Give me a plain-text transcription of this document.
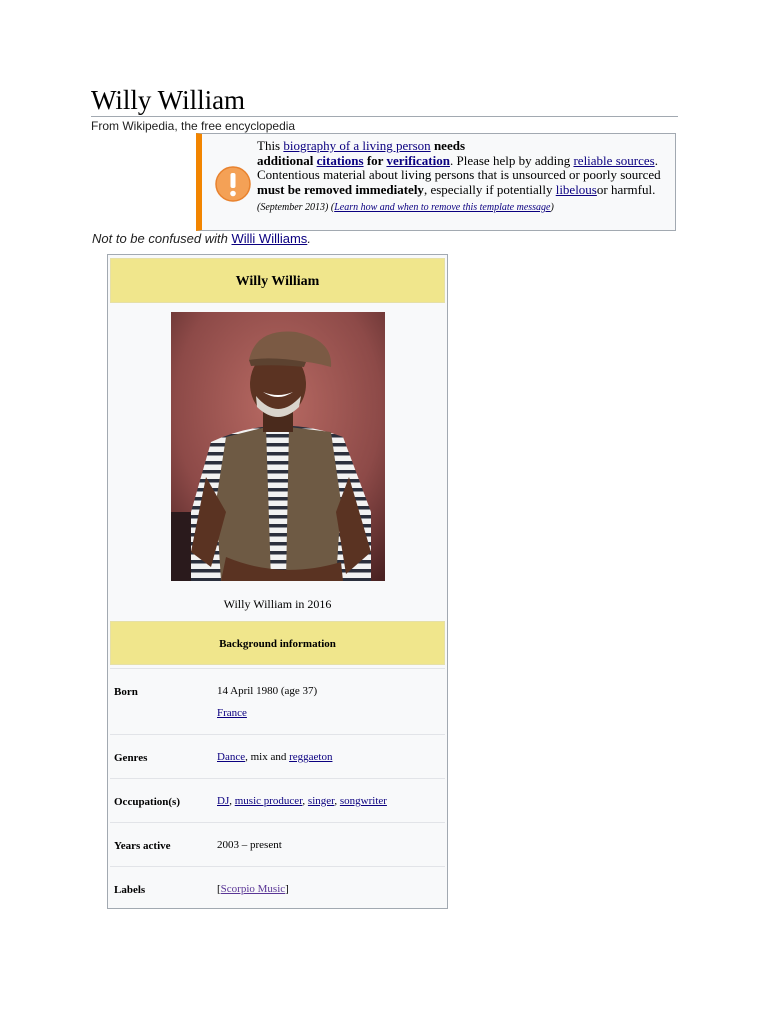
Willy William
From Wikipedia, the free encyclopedia
This biography of a living person needs
additional citations for verification. Please help by adding reliable sources. Contentious material about living persons that is unsourced or poorly sourced must be removed immediately, especially if potentially libelousor harmful. (September 2013) (Learn how and when to remove this template message)
Not to be confused with Willi Williams.
Willy William
Willy William in 2016
Background information
Born	14 April 1980 (age 37)
France
Genres	Dance, mix and reggaeton
Occupation(s)	DJ, music producer, singer, songwriter
Years active	2003 – present
Labels	[Scorpio Music]
